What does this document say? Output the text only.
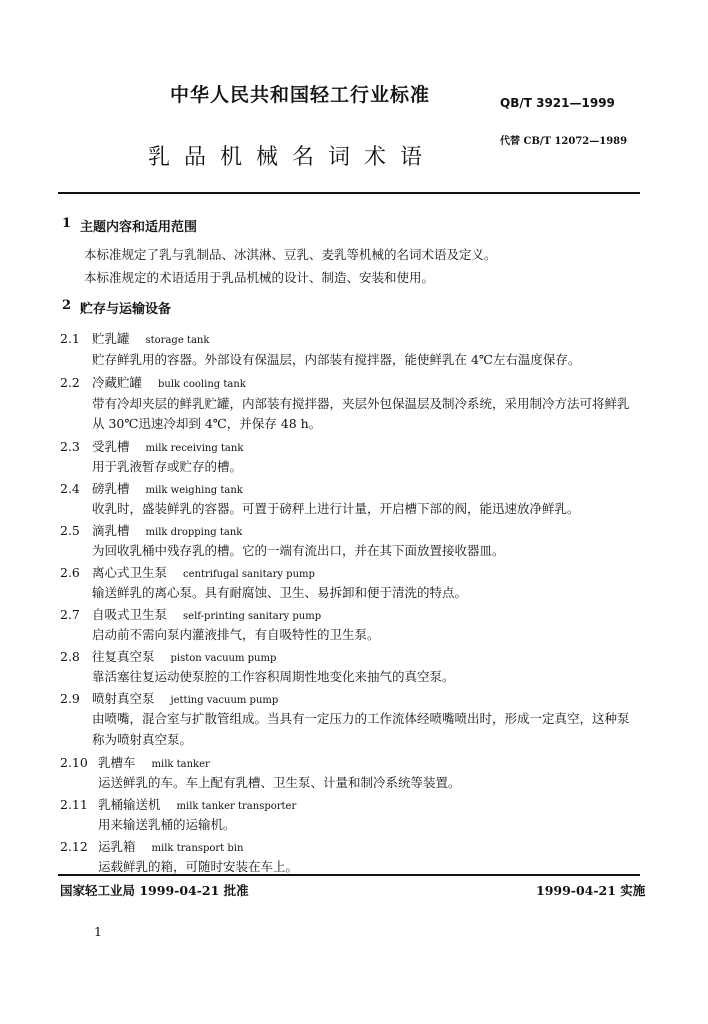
中华人民共和国轻工行业标准	QB/T 3921—1999
乳品机械名词术语
代替 CB/T 12072—1989
1 主题内容和适用范围
本标准规定了乳与乳制品、冰淇淋、豆乳、麦乳等机械的名词术语及定义。
本标准规定的术语适用于乳品机械的设计、制造、安装和使用。
2 贮存与运输设备
2.1 贮乳罐 storage tank
贮存鲜乳用的容器。外部设有保温层，内部装有搅拌器，能使鲜乳在 4℃左右温度保存。
2.2 冷藏贮罐 bulk cooling tank
带有冷却夹层的鲜乳贮罐，内部装有搅拌器，夹层外包保温层及制冷系统，采用制冷方法可将鲜乳
从 30℃迅速冷却到 4℃，并保存 48 h。
2.3 受乳槽 milk receiving tank
用于乳液暂存或贮存的槽。
2.4 磅乳槽 milk weighing tank
收乳时，盛装鲜乳的容器。可置于磅秤上进行计量，开启槽下部的阀，能迅速放净鲜乳。
2.5 滴乳槽 milk dropping tank
为回收乳桶中残存乳的槽。它的一端有流出口，并在其下面放置接收器皿。
2.6 离心式卫生泵 centrifugal sanitary pump
输送鲜乳的离心泵。具有耐腐蚀、卫生、易拆卸和便于清洗的特点。
2.7 自吸式卫生泵 self-printing sanitary pump
启动前不需向泵内灌液排气，有自吸特性的卫生泵。
2.8 往复真空泵 piston vacuum pump
靠活塞往复运动使泵腔的工作容积周期性地变化来抽气的真空泵。
2.9 喷射真空泵 jetting vacuum pump
由喷嘴，混合室与扩散管组成。当具有一定压力的工作流体经喷嘴喷出时，形成一定真空，这种泵
称为喷射真空泵。
2.10 乳槽车 milk tanker
运送鲜乳的车。车上配有乳槽、卫生泵、计量和制冷系统等装置。
2.11 乳桶输送机 milk tanker transporter
用来输送乳桶的运输机。
2.12 运乳箱 milk transport bin
运载鲜乳的箱，可随时安装在车上。
国家轻工业局 1999-04-21 批准	1999-04-21 实施
1
